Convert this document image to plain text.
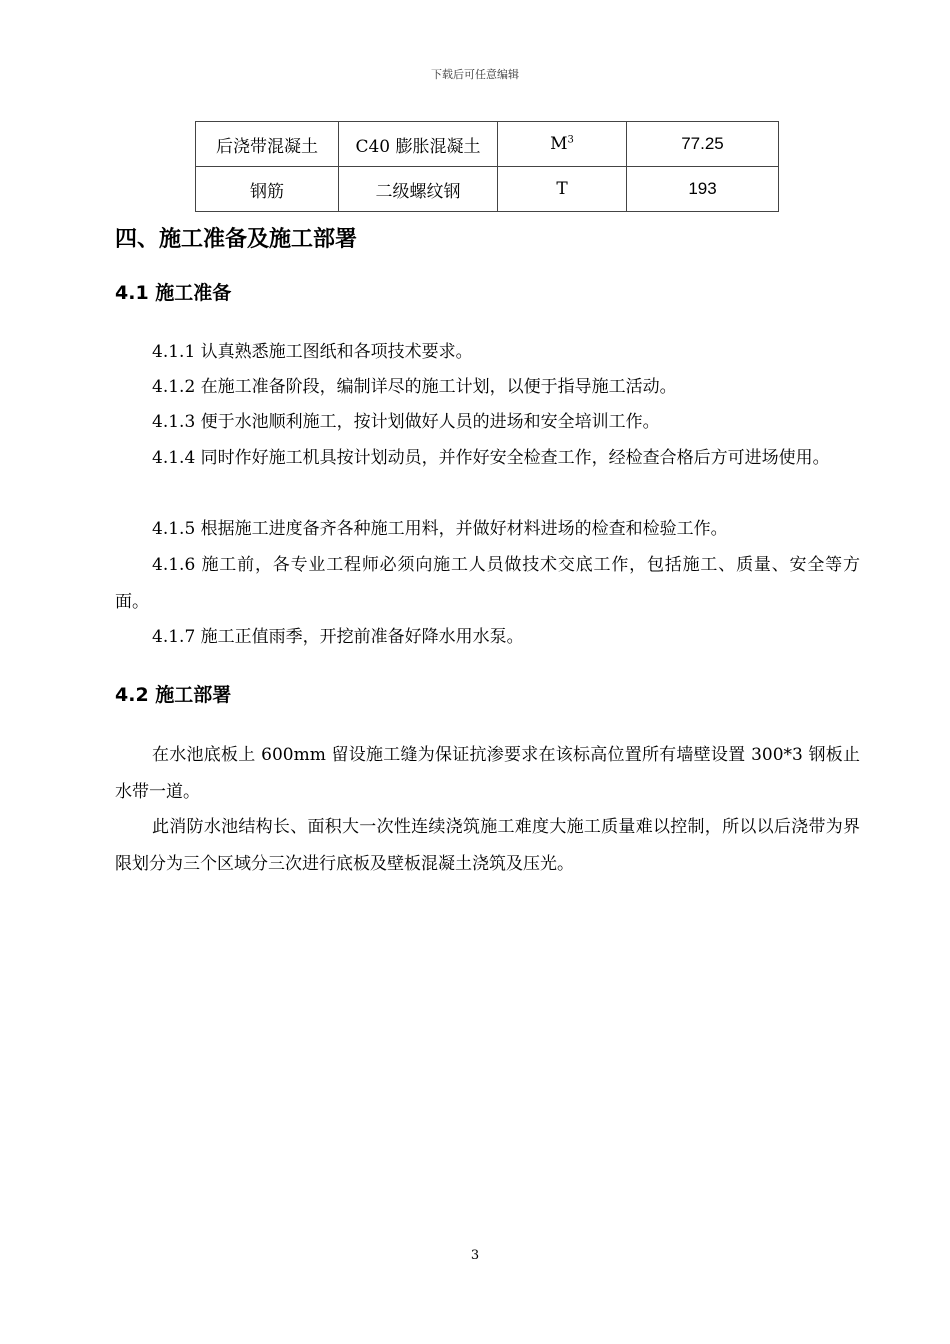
下载后可任意编辑
后浇带混凝土	C40 膨胀混凝土	$M^3$	77.25
钢筋	二级螺纹钢	T	193
四、施工准备及施工部署
4.1 施工准备

4.1.1 认真熟悉施工图纸和各项技术要求。

4.1.2 在施工准备阶段，编制详尽的施工计划，以便于指导施工活动。

4.1.3 便于水池顺利施工，按计划做好人员的进场和安全培训工作。

4.1.4 同时作好施工机具按计划动员，并作好安全检查工作，经检查合格后方可进场使用。

4.1.5 根据施工进度备齐各种施工用料，并做好材料进场的检查和检验工作。

4.1.6 施工前，各专业工程师必须向施工人员做技术交底工作，包括施工、质量、安全等方面。

4.1.7 施工正值雨季，开挖前准备好降水用水泵。

4.2 施工部署

在水池底板上 600mm 留设施工缝为保证抗渗要求在该标高位置所有墙壁设置 300*3 钢板止水带一道。

此消防水池结构长、面积大一次性连续浇筑施工难度大施工质量难以控制，所以以后浇带为界限划分为三个区域分三次进行底板及壁板混凝土浇筑及压光。

3
